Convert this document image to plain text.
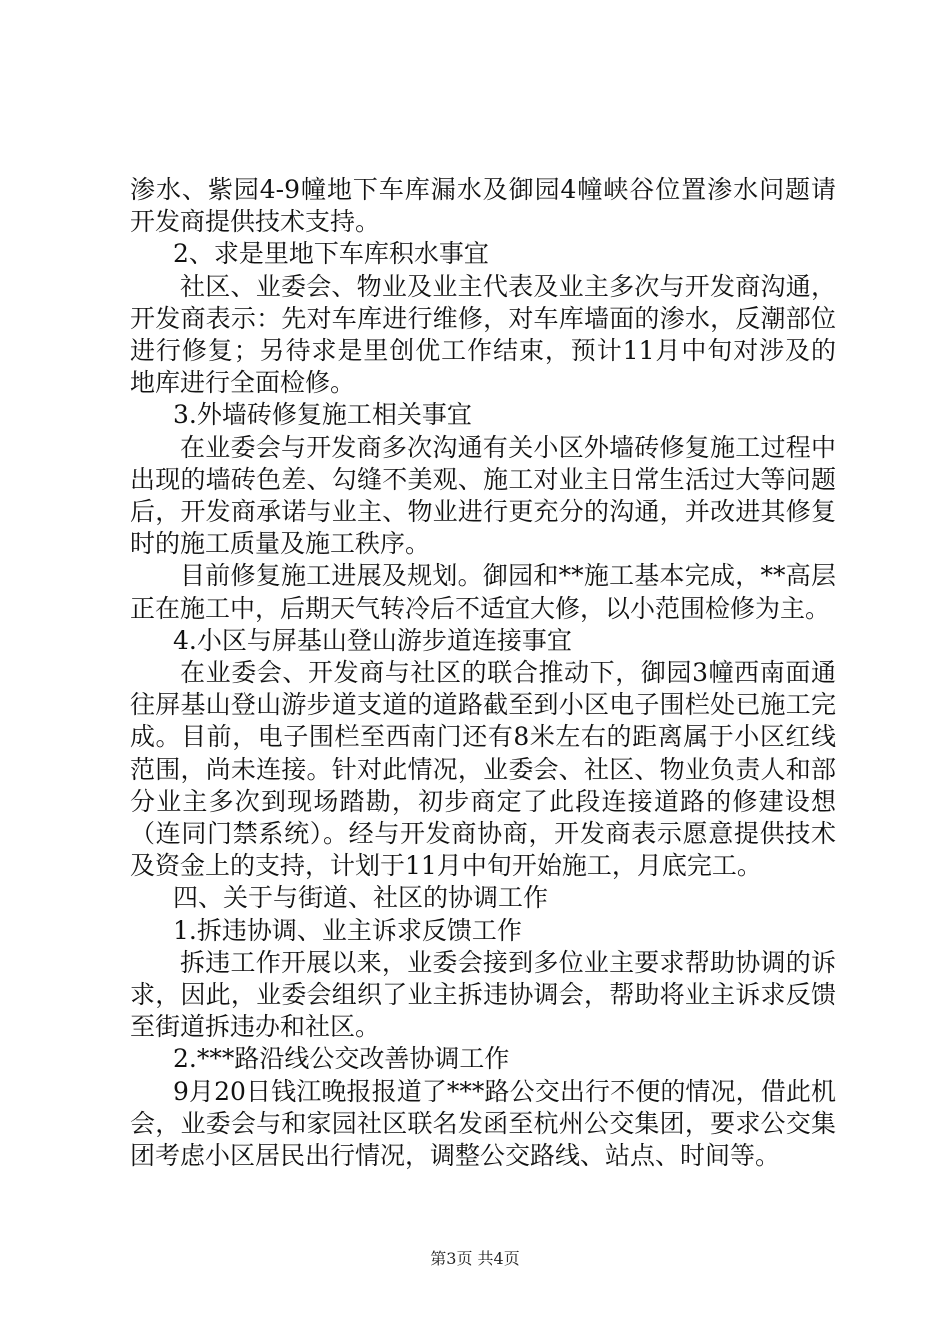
渗水、紫园4-9幢地下车库漏水及御园4幢峡谷位置渗水问题请开发商提供技术支持。

2、求是里地下车库积水事宜

社区、业委会、物业及业主代表及业主多次与开发商沟通，开发商表示：先对车库进行维修，对车库墙面的渗水，反潮部位进行修复；另待求是里创优工作结束，预计11月中旬对涉及的地库进行全面检修。

3.外墙砖修复施工相关事宜

在业委会与开发商多次沟通有关小区外墙砖修复施工过程中出现的墙砖色差、勾缝不美观、施工对业主日常生活过大等问题后，开发商承诺与业主、物业进行更充分的沟通，并改进其修复时的施工质量及施工秩序。

目前修复施工进展及规划。御园和**施工基本完成，**高层正在施工中，后期天气转冷后不适宜大修，以小范围检修为主。

4.小区与屏基山登山游步道连接事宜

在业委会、开发商与社区的联合推动下，御园3幢西南面通往屏基山登山游步道支道的道路截至到小区电子围栏处已施工完成。目前，电子围栏至西南门还有8米左右的距离属于小区红线范围，尚未连接。针对此情况，业委会、社区、物业负责人和部分业主多次到现场踏勘，初步商定了此段连接道路的修建设想（连同门禁系统）。经与开发商协商，开发商表示愿意提供技术及资金上的支持，计划于11月中旬开始施工，月底完工。

四、关于与街道、社区的协调工作

1.拆违协调、业主诉求反馈工作

拆违工作开展以来，业委会接到多位业主要求帮助协调的诉求，因此，业委会组织了业主拆违协调会，帮助将业主诉求反馈至街道拆违办和社区。

2.***路沿线公交改善协调工作

9月20日钱江晚报报道了***路公交出行不便的情况，借此机会，业委会与和家园社区联名发函至杭州公交集团，要求公交集团考虑小区居民出行情况，调整公交路线、站点、时间等。

第3页 共4页
